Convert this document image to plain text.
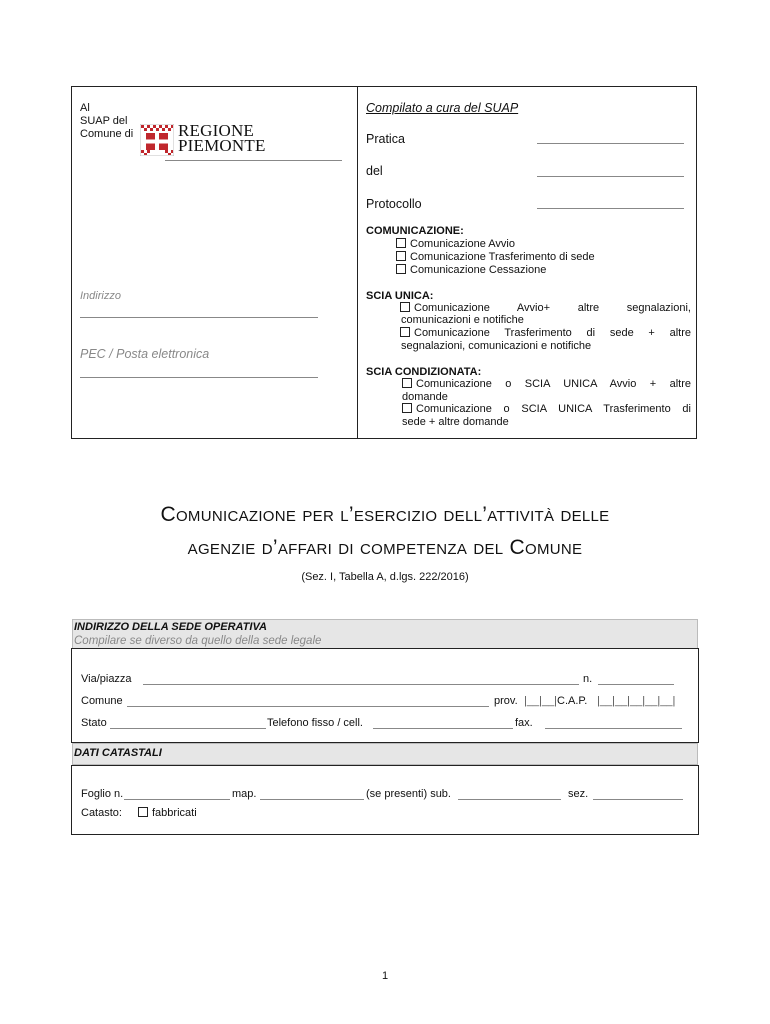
Al
SUAP del
Comune di	REGIONE
PIEMONTE
Indirizzo
PEC / Posta elettronica
Compilato a cura del SUAP
Pratica
del
Protocollo
COMUNICAZIONE:
Comunicazione Avvio
Comunicazione Trasferimento di sede
Comunicazione Cessazione
SCIA UNICA:
Comunicazione Avvio+ altre segnalazioni,
comunicazioni e notifiche
Comunicazione Trasferimento di sede + altre
segnalazioni, comunicazioni e notifiche
SCIA CONDIZIONATA:
Comunicazione o SCIA UNICA Avvio + altre
domande
Comunicazione o SCIA UNICA Trasferimento di
sede + altre domande
Comunicazione per l’esercizio dell’attività delle
agenzie d’affari di competenza del Comune
(Sez. I, Tabella A, d.lgs. 222/2016)
INDIRIZZO DELLA SEDE OPERATIVA
Compilare se diverso da quello della sede legale
Via/piazza	n.
Comune	prov. |__|__| C.A.P. |__|__|__|__|__|
Stato	Telefono fisso / cell.	fax.
DATI CATASTALI
Foglio n.	map.	(se presenti) sub.	sez.
Catasto:	fabbricati
1
